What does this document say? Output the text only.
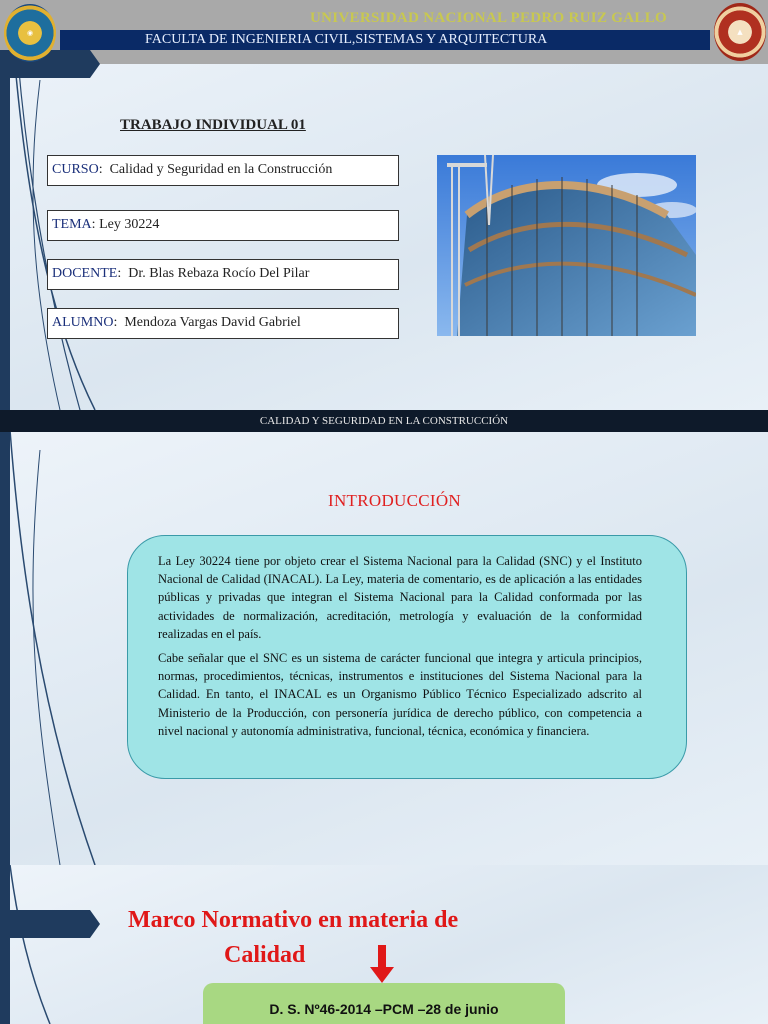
◉	▲
UNIVERSIDAD NACIONAL PEDRO RUIZ GALLO
FACULTA DE INGENIERIA CIVIL,SISTEMAS Y ARQUITECTURA
TRABAJO INDIVIDUAL 01
CURSO:  Calidad y Seguridad en la Construcción
TEMA: Ley 30224
DOCENTE:  Dr. Blas Rebaza Rocío Del Pilar
ALUMNO:  Mendoza Vargas David Gabriel
CALIDAD Y SEGURIDAD EN LA CONSTRUCCIÓN
INTRODUCCIÓN

La Ley 30224 tiene por objeto crear el Sistema Nacional para la Calidad (SNC) y el Instituto Nacional de Calidad (INACAL). La Ley, materia de comentario, es de aplicación a las entidades públicas y privadas que integran el Sistema Nacional para la Calidad conformada por las actividades de normalización, acreditación, metrología y evaluación de la conformidad realizadas en el país.

Cabe señalar que el SNC es un sistema de carácter funcional que integra y articula principios, normas, procedimientos, técnicas, instrumentos e instituciones del Sistema Nacional para la Calidad. En tanto, el INACAL es un Organismo Público Técnico Especializado adscrito al Ministerio de la Producción, con personería jurídica de derecho público, con competencia a nivel nacional y autonomía administrativa, funcional, técnica, económica y financiera.

Marco Normativo en materia de
Calidad
D. S. Nº46-2014 –PCM –28 de junio
